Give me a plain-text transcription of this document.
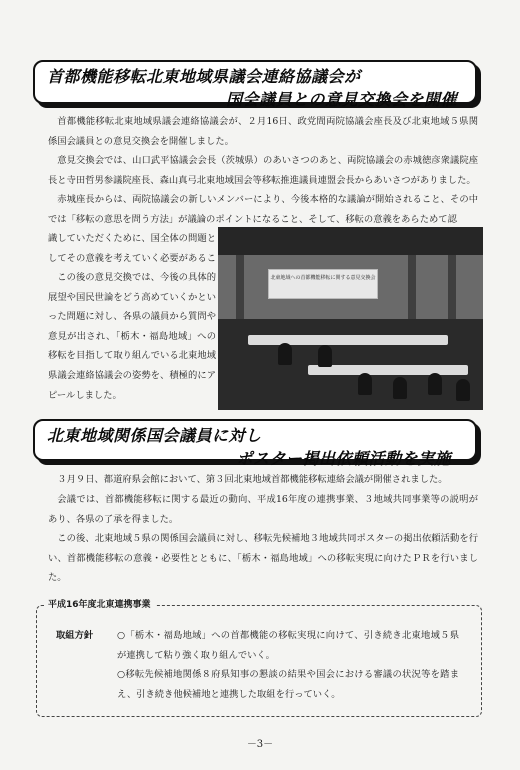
首都機能移転北東地域県議会連絡協議会が
国会議員との意見交換会を開催

首都機能移転北東地域県議会連絡協議会が、２月16日、政党間両院協議会座長及び北東地域５県関係国会議員との意見交換会を開催しました。

意見交換会では、山口武平協議会会長（茨城県）のあいさつのあと、両院協議会の赤城徳彦衆議院座長と寺田哲男参議院座長、森山真弓北東地域国会等移転推進議員連盟会長からあいさつがありました。

赤城座長からは、両院協議会の新しいメンバーにより、今後本格的な議論が開始されること、その中では「移転の意思を問う方法」が議論のポイントになること、そして、移転の意義をあらためて認

識していただくために、国全体の問題としてその意義を考えていく必要があるこ

この後の意見交換では、今後の具体的展望や国民世論をどう高めていくかといった問題に対し、各県の議員から質問や意見が出され、「栃木・福島地域」への移転を目指して取り組んでいる北東地域県議会連絡協議会の姿勢を、積極的にアピールしました。

北東地域への首都機能移転に関する意見交換会
北東地域関係国会議員に対し
ポスター掲出依頼活動を実施

３月９日、都道府県会館において、第３回北東地域首都機能移転連絡会議が開催されました。

会議では、首都機能移転に関する最近の動向、平成16年度の連携事業、３地域共同事業等の説明があり、各県の了承を得ました。

この後、北東地域５県の関係国会議員に対し、移転先候補地３地域共同ポスターの掲出依頼活動を行い、首都機能移転の意義・必要性とともに、「栃木・福島地域」への移転実現に向けたＰＲを行いました。

平成16年度北東連携事業
取組方針	○「栃木・福島地域」への首都機能の移転実現に向けて、引き続き北東地域５県が連携して粘り強く取り組んでいく。

○移転先候補地関係８府県知事の懇談の結果や国会における審議の状況等を踏まえ、引き続き他候補地と連携した取組を行っていく。

－3－
